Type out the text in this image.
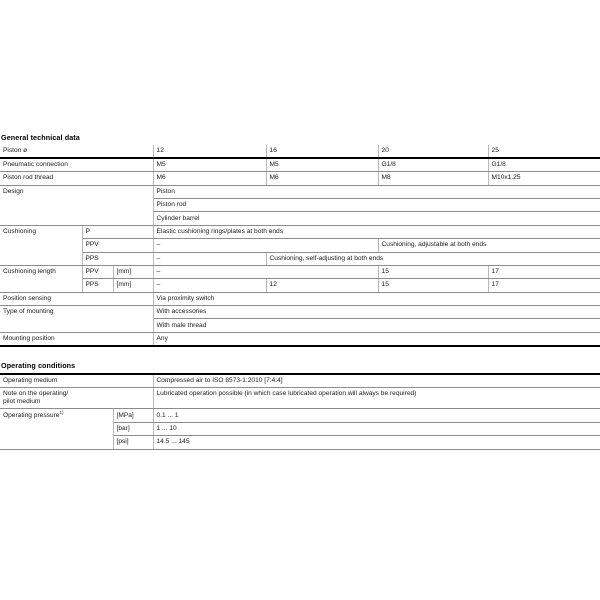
General technical data
Piston ø			12	16	20	25
Pneumatic connection			M5	M5	G1/8	G1/8
Piston rod thread			M6	M6	M8	M10x1.25
Design			Piston			
			Piston rod			
			Cylinder barrel			
Cushioning	P		Elastic cushioning rings/plates at both ends			
	PPV		–		Cushioning, adjustable at both ends	
	PPS		–	Cushioning, self-adjusting at both ends		
Cushioning length	PPV	[mm]	–		15	17
	PPS	[mm]	–	12	15	17
Position sensing			Via proximity switch			
Type of mounting			With accessories			
			With male thread			
Mounting position			Any			
Operating conditions
Operating medium		Compressed air to ISO 8573-1:2010 [7:4:4]
Note on the operating/
pilot medium		Lubricated operation possible (in which case lubricated operation will always be required)
Operating pressure$^{1)}$	[MPa]	0.1 ... 1
	[bar]	1 ... 10
	[psi]	14.5 ... 145
